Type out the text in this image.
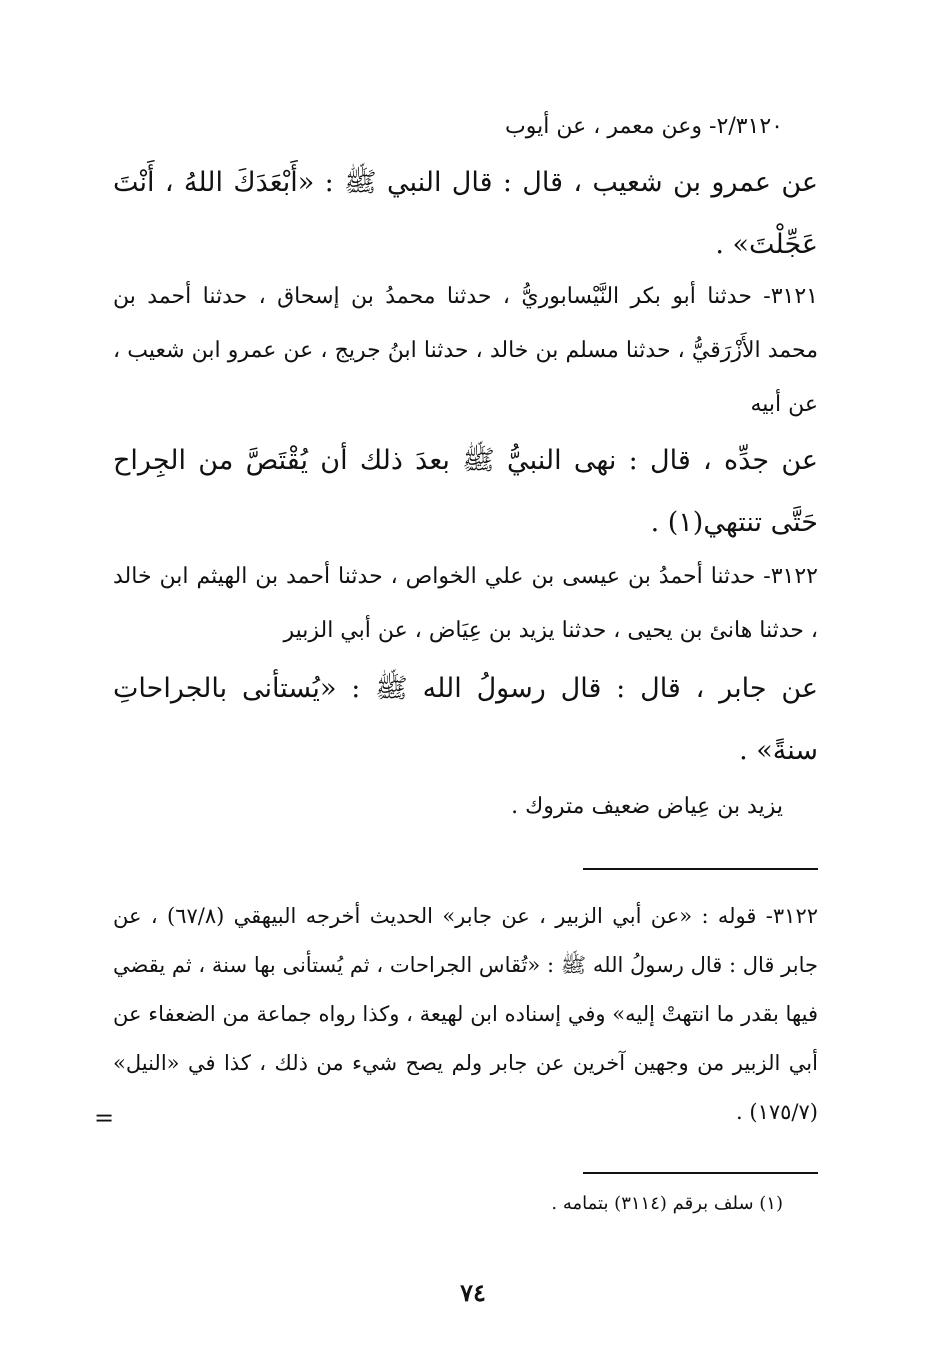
٢/٣١٢٠- وعن معمر ، عن أيوب

عن عمرو بن شعيب ، قال : قال النبي ﷺ : «أَبْعَدَكَ اللهُ ، أَنْتَ عَجِّلْتَ» .

٣١٢١- حدثنا أبو بكر النَّيْسابوريُّ ، حدثنا محمدُ بن إسحاق ، حدثنا أحمد بن محمد الأَزْرَقيُّ ، حدثنا مسلم بن خالد ، حدثنا ابنُ جريج ، عن عمرو ابن شعيب ، عن أبيه

عن جدِّه ، قال : نهى النبيُّ ﷺ بعدَ ذلك أن يُقْتَصَّ من الجِراح حَتَّى تنتهي(١) .

٣١٢٢- حدثنا أحمدُ بن عيسى بن علي الخواص ، حدثنا أحمد بن الهيثم ابن خالد ، حدثنا هانئ بن يحيى ، حدثنا يزيد بن عِيَاض ، عن أبي الزبير

عن جابر ، قال : قال رسولُ الله ﷺ : «يُستأنى بالجراحاتِ سنةً» .

يزيد بن عِياض ضعيف متروك .

٣١٢٢- قوله : «عن أبي الزبير ، عن جابر» الحديث أخرجه البيهقي (٦٧/٨) ، عن جابر قال : قال رسولُ الله ﷺ : «تُقاس الجراحات ، ثم يُستأنى بها سنة ، ثم يقضي فيها بقدر ما انتهتْ إليه» وفي إسناده ابن لهيعة ، وكذا رواه جماعة من الضعفاء عن أبي الزبير من وجهين آخرين عن جابر ولم يصح شيء من ذلك ، كذا في «النيل» (١٧٥/٧) .

=
(١) سلف برقم (٣١١٤) بتمامه .
٧٤
